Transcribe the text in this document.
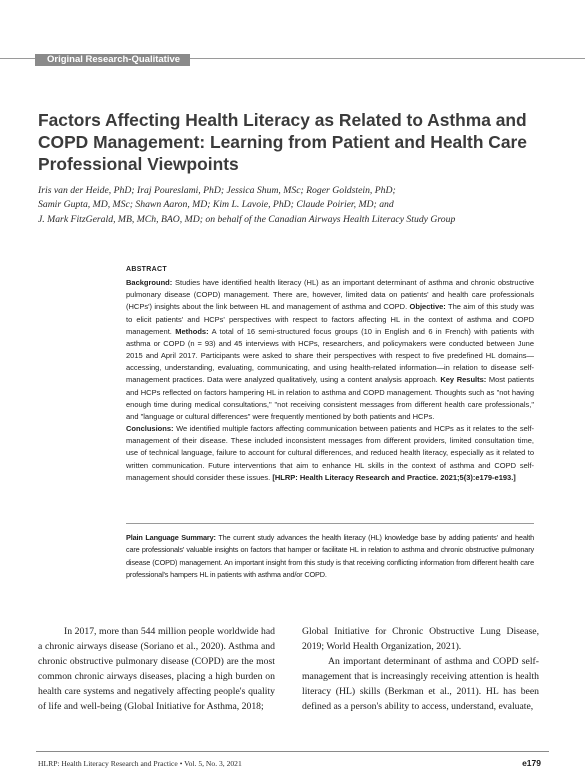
Original Research-Qualitative
Factors Affecting Health Literacy as Related to Asthma and COPD Management: Learning from Patient and Health Care Professional Viewpoints
Iris van der Heide, PhD; Iraj Poureslami, PhD; Jessica Shum, MSc; Roger Goldstein, PhD;
Samir Gupta, MD, MSc; Shawn Aaron, MD; Kim L. Lavoie, PhD; Claude Poirier, MD; and
J. Mark FitzGerald, MB, MCh, BAO, MD; on behalf of the Canadian Airways Health Literacy Study Group
ABSTRACT
Background: Studies have identified health literacy (HL) as an important determinant of asthma and chronic obstructive pulmonary disease (COPD) management. There are, however, limited data on patients' and health care professionals (HCPs') insights about the link between HL and management of asthma and COPD. Objective: The aim of this study was to elicit patients' and HCPs' perspectives with respect to factors affecting HL in the context of asthma and COPD management. Methods: A total of 16 semi-structured focus groups (10 in English and 6 in French) with patients with asthma or COPD (n = 93) and 45 interviews with HCPs, researchers, and policymakers were conducted between June 2015 and April 2017. Participants were asked to share their perspectives with respect to five predefined HL domains—accessing, understanding, evaluating, communicating, and using health-related information—in relation to disease self-management practices. Data were analyzed qualitatively, using a content analysis approach. Key Results: Most patients and HCPs reflected on factors hampering HL in relation to asthma and COPD management. Thoughts such as "not having enough time during medical consultations," "not receiving consistent messages from different health care professionals," and "language or cultural differences" were frequently mentioned by both patients and HCPs.
Conclusions: We identified multiple factors affecting communication between patients and HCPs as it relates to the self-management of their disease. These included inconsistent messages from different providers, limited consultation time, use of technical language, failure to account for cultural differences, and reduced health literacy, especially as it related to written communication. Future interventions that aim to enhance HL skills in the context of asthma and COPD self-management should consider these issues. [HLRP: Health Literacy Research and Practice. 2021;5(3):e179-e193.]
Plain Language Summary: The current study advances the health literacy (HL) knowledge base by adding patients' and health care professionals' valuable insights on factors that hamper or facilitate HL in relation to asthma and chronic obstructive pulmonary disease (COPD) management. An important insight from this study is that receiving conflicting information from different health care professional's hampers HL in patients with asthma and/or COPD.
In 2017, more than 544 million people worldwide had a chronic airways disease (Soriano et al., 2020). Asthma and chronic obstructive pulmonary disease (COPD) are the most common chronic airways diseases, placing a high burden on health care systems and negatively affecting people's quality of life and well-being (Global Initiative for Asthma, 2018;
Global Initiative for Chronic Obstructive Lung Disease, 2019; World Health Organization, 2021).
An important determinant of asthma and COPD self-management that is increasingly receiving attention is health literacy (HL) skills (Berkman et al., 2011). HL has been defined as a person's ability to access, understand, evaluate,
HLRP: Health Literacy Research and Practice • Vol. 5, No. 3, 2021	e179
